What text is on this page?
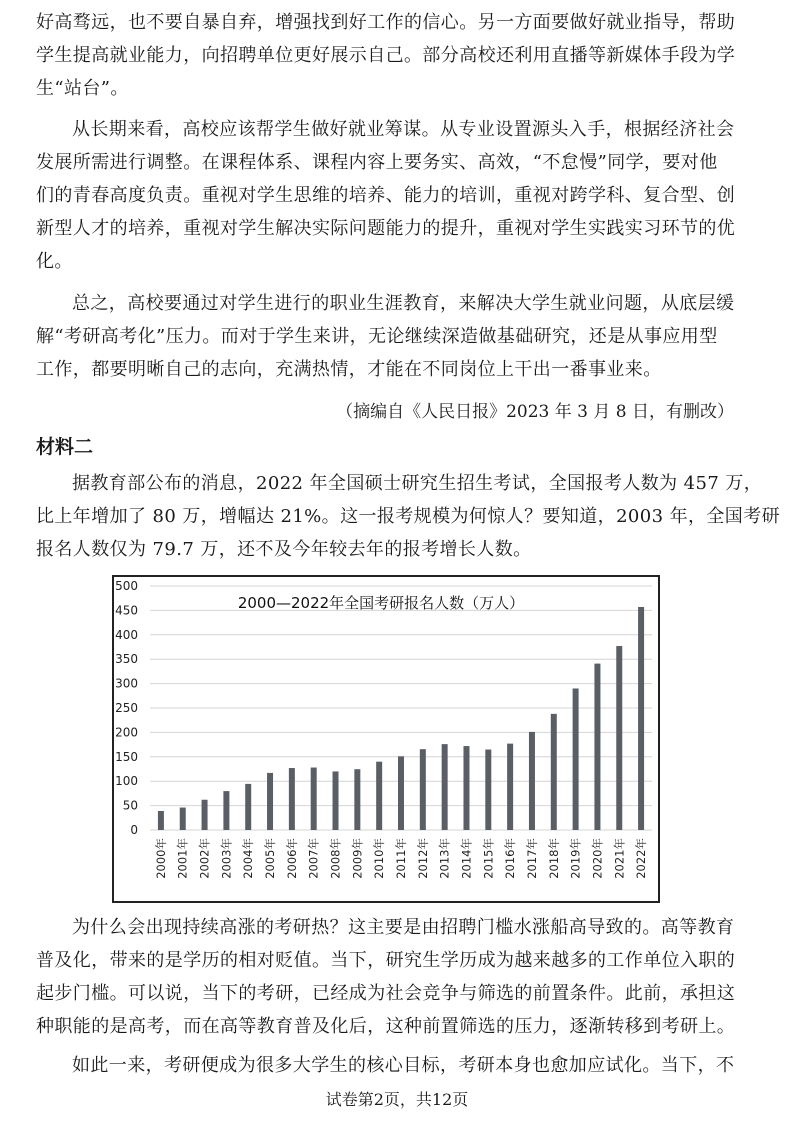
好高骛远，也不要自暴自弃，增强找到好工作的信心。另一方面要做好就业指导，帮助
学生提高就业能力，向招聘单位更好展示自己。部分高校还利用直播等新媒体手段为学
生“站台”。
从长期来看，高校应该帮学生做好就业筹谋。从专业设置源头入手，根据经济社会
发展所需进行调整。在课程体系、课程内容上要务实、高效，“不怠慢”同学，要对他
们的青春高度负责。重视对学生思维的培养、能力的培训，重视对跨学科、复合型、创
新型人才的培养，重视对学生解决实际问题能力的提升，重视对学生实践实习环节的优
化。
总之，高校要通过对学生进行的职业生涯教育，来解决大学生就业问题，从底层缓
解“考研高考化”压力。而对于学生来讲，无论继续深造做基础研究，还是从事应用型
工作，都要明晰自己的志向，充满热情，才能在不同岗位上干出一番事业来。
（摘编自《人民日报》2023 年 3 月 8 日，有删改）
材料二
据教育部公布的消息，2022 年全国硕士研究生招生考试，全国报考人数为 457 万，
比上年增加了 80 万，增幅达 21%。这一报考规模为何惊人？要知道，2003 年，全国考研
报名人数仅为 79.7 万，还不及今年较去年的报考增长人数。
0
50
100
150
200
250
300
350
400
450
500
2000—2022年全国考研报名人数（万人）
2000年 2001年 2002年 2003年 2004年 2005年 2006年 2007年 2008年 2009年 2010年 2011年 2012年 2013年 2014年 2015年 2016年 2017年 2018年 2019年 2020年 2021年 2022年
为什么会出现持续高涨的考研热？这主要是由招聘门槛水涨船高导致的。高等教育
普及化，带来的是学历的相对贬值。当下，研究生学历成为越来越多的工作单位入职的
起步门槛。可以说，当下的考研，已经成为社会竞争与筛选的前置条件。此前，承担这
种职能的是高考，而在高等教育普及化后，这种前置筛选的压力，逐渐转移到考研上。
如此一来，考研便成为很多大学生的核心目标，考研本身也愈加应试化。当下，不
试卷第2页，共12页
